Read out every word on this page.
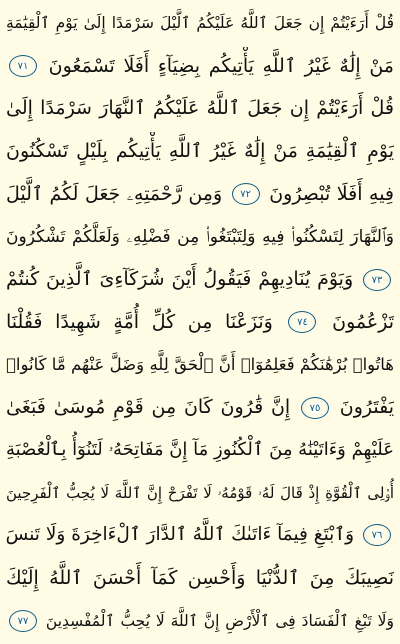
قُلْ أَرَءَيْتُمْ إِن جَعَلَ ٱللَّهُ عَلَيْكُمُ ٱلَّيْلَ سَرْمَدًا إِلَىٰ يَوْمِ ٱلْقِيَٰمَةِ
مَنْ إِلَٰهٌ غَيْرُ ٱللَّهِ يَأْتِيكُم بِضِيَآءٍ أَفَلَا تَسْمَعُونَ ٧١
قُلْ أَرَءَيْتُمْ إِن جَعَلَ ٱللَّهُ عَلَيْكُمُ ٱلنَّهَارَ سَرْمَدًا إِلَىٰ
يَوْمِ ٱلْقِيَٰمَةِ مَنْ إِلَٰهٌ غَيْرُ ٱللَّهِ يَأْتِيكُم بِلَيْلٍ تَسْكُنُونَ
فِيهِ أَفَلَا تُبْصِرُونَ ٧٢ وَمِن رَّحْمَتِهِۦ جَعَلَ لَكُمُ ٱلَّيْلَ
وَٱلنَّهَارَ لِتَسْكُنُوا۟ فِيهِ وَلِتَبْتَغُوا۟ مِن فَضْلِهِۦ وَلَعَلَّكُمْ تَشْكُرُونَ
٧٣ وَيَوْمَ يُنَادِيهِمْ فَيَقُولُ أَيْنَ شُرَكَآءِىَ ٱلَّذِينَ كُنتُمْ
تَزْعُمُونَ ٧٤ وَنَزَعْنَا مِن كُلِّ أُمَّةٍ شَهِيدًا فَقُلْنَا
هَاتُوا۟ بُرْهَٰنَكُمْ فَعَلِمُوٓا۟ أَنَّ ٱلْحَقَّ لِلَّهِ وَضَلَّ عَنْهُم مَّا كَانُوا۟
يَفْتَرُونَ ٧٥ إِنَّ قَٰرُونَ كَانَ مِن قَوْمِ مُوسَىٰ فَبَغَىٰ
عَلَيْهِمْ وَءَاتَيْنَٰهُ مِنَ ٱلْكُنُوزِ مَآ إِنَّ مَفَاتِحَهُۥ لَتَنُوٓأُ بِٱلْعُصْبَةِ
أُو۟لِى ٱلْقُوَّةِ إِذْ قَالَ لَهُۥ قَوْمُهُۥ لَا تَفْرَحْ إِنَّ ٱللَّهَ لَا يُحِبُّ ٱلْفَرِحِينَ
٧٦ وَٱبْتَغِ فِيمَآ ءَاتَىٰكَ ٱللَّهُ ٱلدَّارَ ٱلْءَاخِرَةَ وَلَا تَنسَ
نَصِيبَكَ مِنَ ٱلدُّنْيَا وَأَحْسِن كَمَآ أَحْسَنَ ٱللَّهُ إِلَيْكَ
وَلَا تَبْغِ ٱلْفَسَادَ فِى ٱلْأَرْضِ إِنَّ ٱللَّهَ لَا يُحِبُّ ٱلْمُفْسِدِينَ ٧٧
